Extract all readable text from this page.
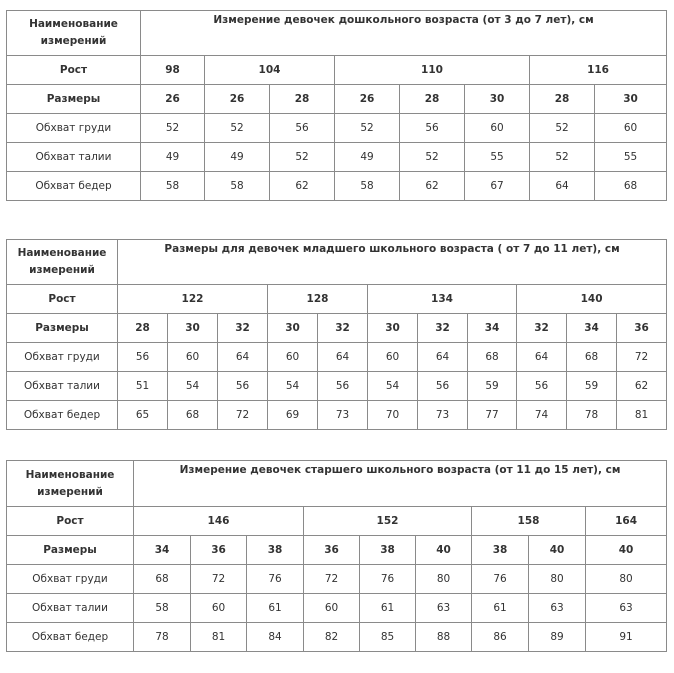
Наименование измерений	Измерение девочек дошкольного возраста (от 3 до 7 лет), см							
Рост	98	104		110			116	
Размеры	26	26	28	26	28	30	28	30
Обхват груди	52	52	56	52	56	60	52	60
Обхват талии	49	49	52	49	52	55	52	55
Обхват бедер	58	58	62	58	62	67	64	68
Наименование измерений	Размеры для девочек младшего школьного возраста ( от 7 до 11 лет), см										
Рост	122			128		134			140		
Размеры	28	30	32	30	32	30	32	34	32	34	36
Обхват груди	56	60	64	60	64	60	64	68	64	68	72
Обхват талии	51	54	56	54	56	54	56	59	56	59	62
Обхват бедер	65	68	72	69	73	70	73	77	74	78	81
Наименование измерений	Измерение девочек старшего школьного возраста (от 11 до 15 лет), см								
Рост	146			152			158		164
Размеры	34	36	38	36	38	40	38	40	40
Обхват груди	68	72	76	72	76	80	76	80	80
Обхват талии	58	60	61	60	61	63	61	63	63
Обхват бедер	78	81	84	82	85	88	86	89	91
